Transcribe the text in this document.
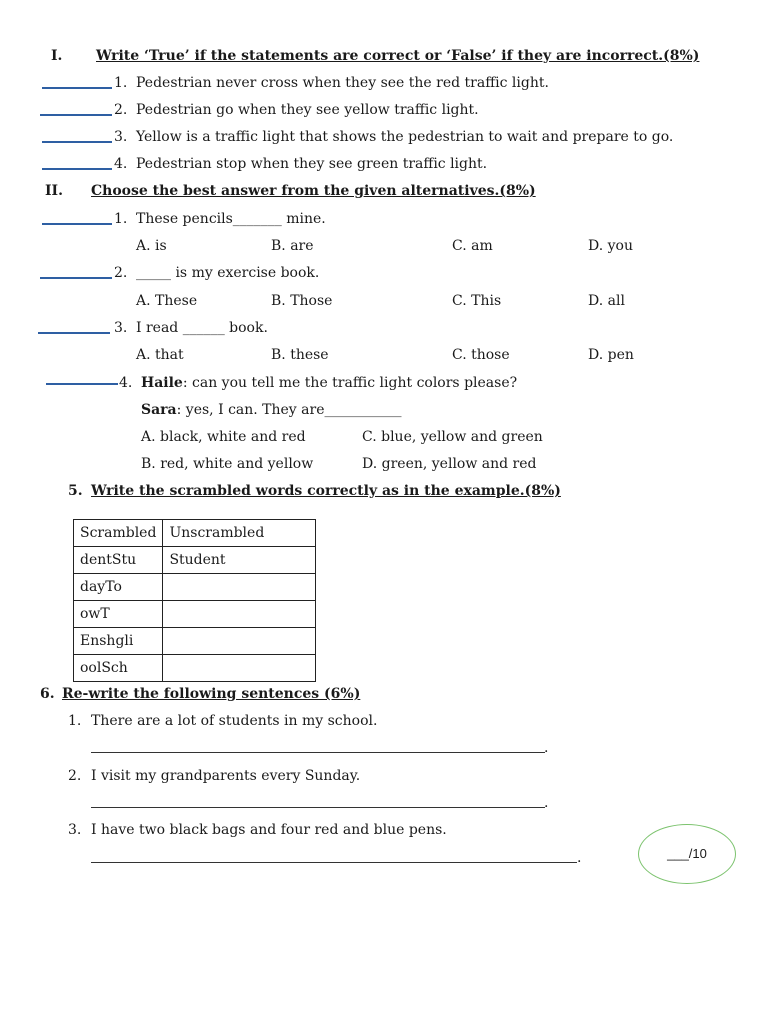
I. Write ‘True’ if the statements are correct or ‘False’ if they are incorrect.(8%)
1. Pedestrian never cross when they see the red traffic light.
2. Pedestrian go when they see yellow traffic light.
3. Yellow is a traffic light that shows the pedestrian to wait and prepare to go.
4. Pedestrian stop when they see green traffic light.
II. Choose the best answer from the given alternatives.(8%)
1. These pencils_______ mine.
A. is	B. are	C. am	D. you
2. _____ is my exercise book.
A. These	B. Those	C. This	D. all
3. I read ______ book.
A. that	B. these	C. those	D. pen
4. Haile: can you tell me the traffic light colors please?
Sara: yes, I can. They are___________
A. black, white and red	C. blue, yellow and green
B. red, white and yellow	D. green, yellow and red
5. Write the scrambled words correctly as in the example.(8%)
Scrambled	Unscrambled
dentStu	Student
dayTo	
owT	
Enshgli	
oolSch	
6. Re-write the following sentences (6%)
1. There are a lot of students in my school.
.
2. I visit my grandparents every Sunday.
.
3. I have two black bags and four red and blue pens.
.	___/10
